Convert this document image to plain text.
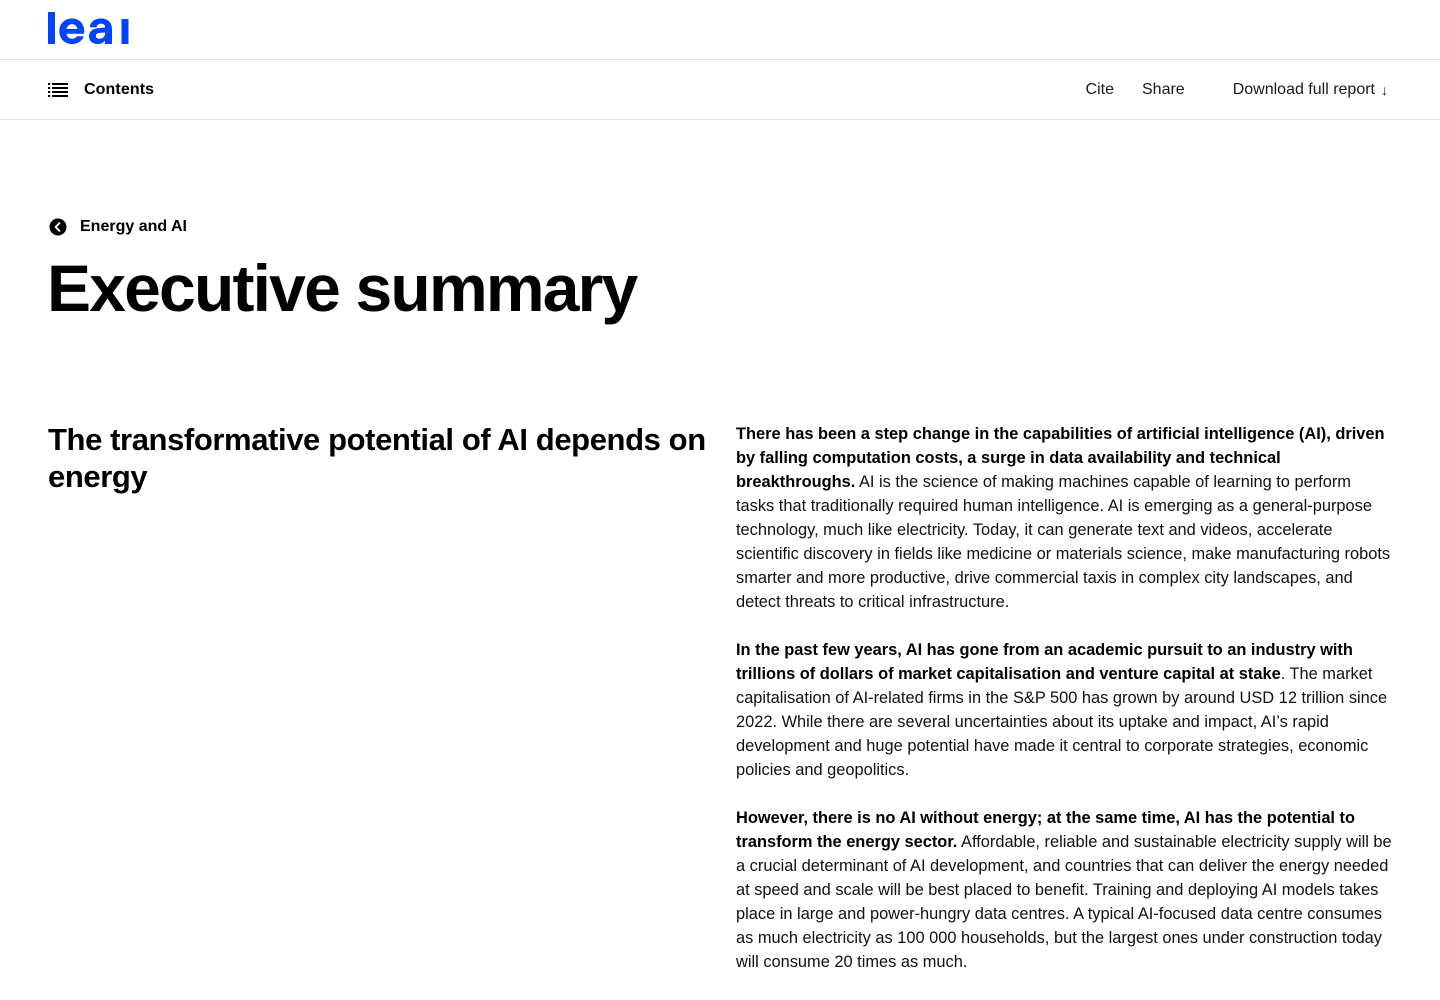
Contents	Cite Share	Download full report ↓
Energy and AI
Executive summary
The transformative potential of AI depends on energy

There has been a step change in the capabilities of artificial intelligence (AI), driven by falling computation costs, a surge in data availability and technical breakthroughs. AI is the science of making machines capable of learning to perform tasks that traditionally required human intelligence. AI is emerging as a general-purpose technology, much like electricity. Today, it can generate text and videos, accelerate scientific discovery in fields like medicine or materials science, make manufacturing robots smarter and more productive, drive commercial taxis in complex city landscapes, and detect threats to critical infrastructure.

In the past few years, AI has gone from an academic pursuit to an industry with trillions of dollars of market capitalisation and venture capital at stake. The market capitalisation of AI-related firms in the S&P 500 has grown by around USD 12 trillion since 2022. While there are several uncertainties about its uptake and impact, AI’s rapid development and huge potential have made it central to corporate strategies, economic policies and geopolitics.

However, there is no AI without energy; at the same time, AI has the potential to transform the energy sector. Affordable, reliable and sustainable electricity supply will be a crucial determinant of AI development, and countries that can deliver the energy needed at speed and scale will be best placed to benefit. Training and deploying AI models takes place in large and power-hungry data centres. A typical AI-focused data centre consumes as much electricity as 100 000 households, but the largest ones under construction today will consume 20 times as much.
